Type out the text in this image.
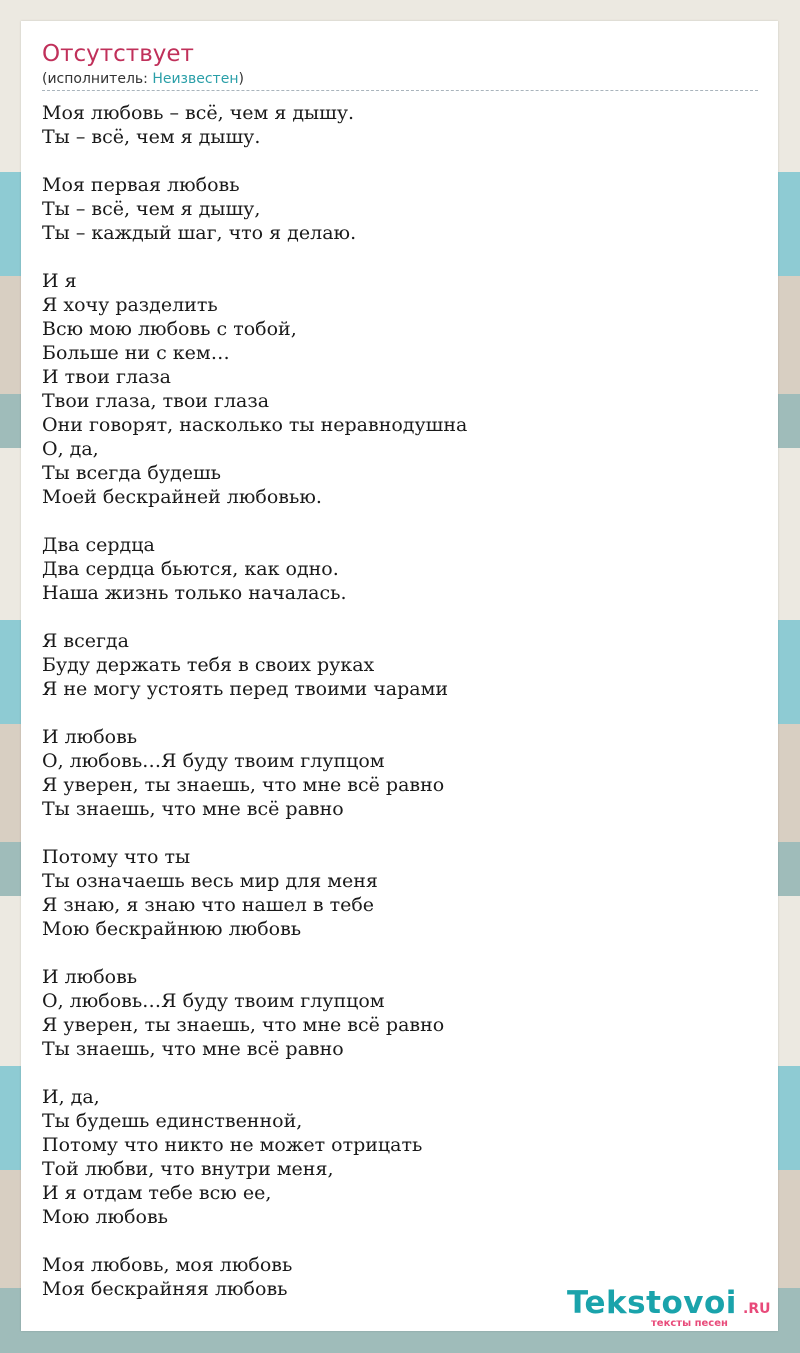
Отсутствует
(исполнитель: Неизвестен)
Моя любовь – всё, чем я дышу.
Ты – всё, чем я дышу.
Моя первая любовь
Ты – всё, чем я дышу,
Ты – каждый шаг, что я делаю.
И я
Я хочу разделить
Всю мою любовь с тобой,
Больше ни с кем…
И твои глаза
Твои глаза, твои глаза
Они говорят, насколько ты неравнодушна
О, да,
Ты всегда будешь
Моей бескрайней любовью.
Два сердца
Два сердца бьются, как одно.
Наша жизнь только началась.
Я всегда
Буду держать тебя в своих руках
Я не могу устоять перед твоими чарами
И любовь
О, любовь…Я буду твоим глупцом
Я уверен, ты знаешь, что мне всё равно
Ты знаешь, что мне всё равно
Потому что ты
Ты означаешь весь мир для меня
Я знаю, я знаю что нашел в тебе
Мою бескрайнюю любовь
И любовь
О, любовь…Я буду твоим глупцом
Я уверен, ты знаешь, что мне всё равно
Ты знаешь, что мне всё равно
И, да,
Ты будешь единственной,
Потому что никто не может отрицать
Той любви, что внутри меня,
И я отдам тебе всю ее,
Мою любовь
Моя любовь, моя любовь
Моя бескрайняя любовь	Tekstovoi .RU
тексты песен
